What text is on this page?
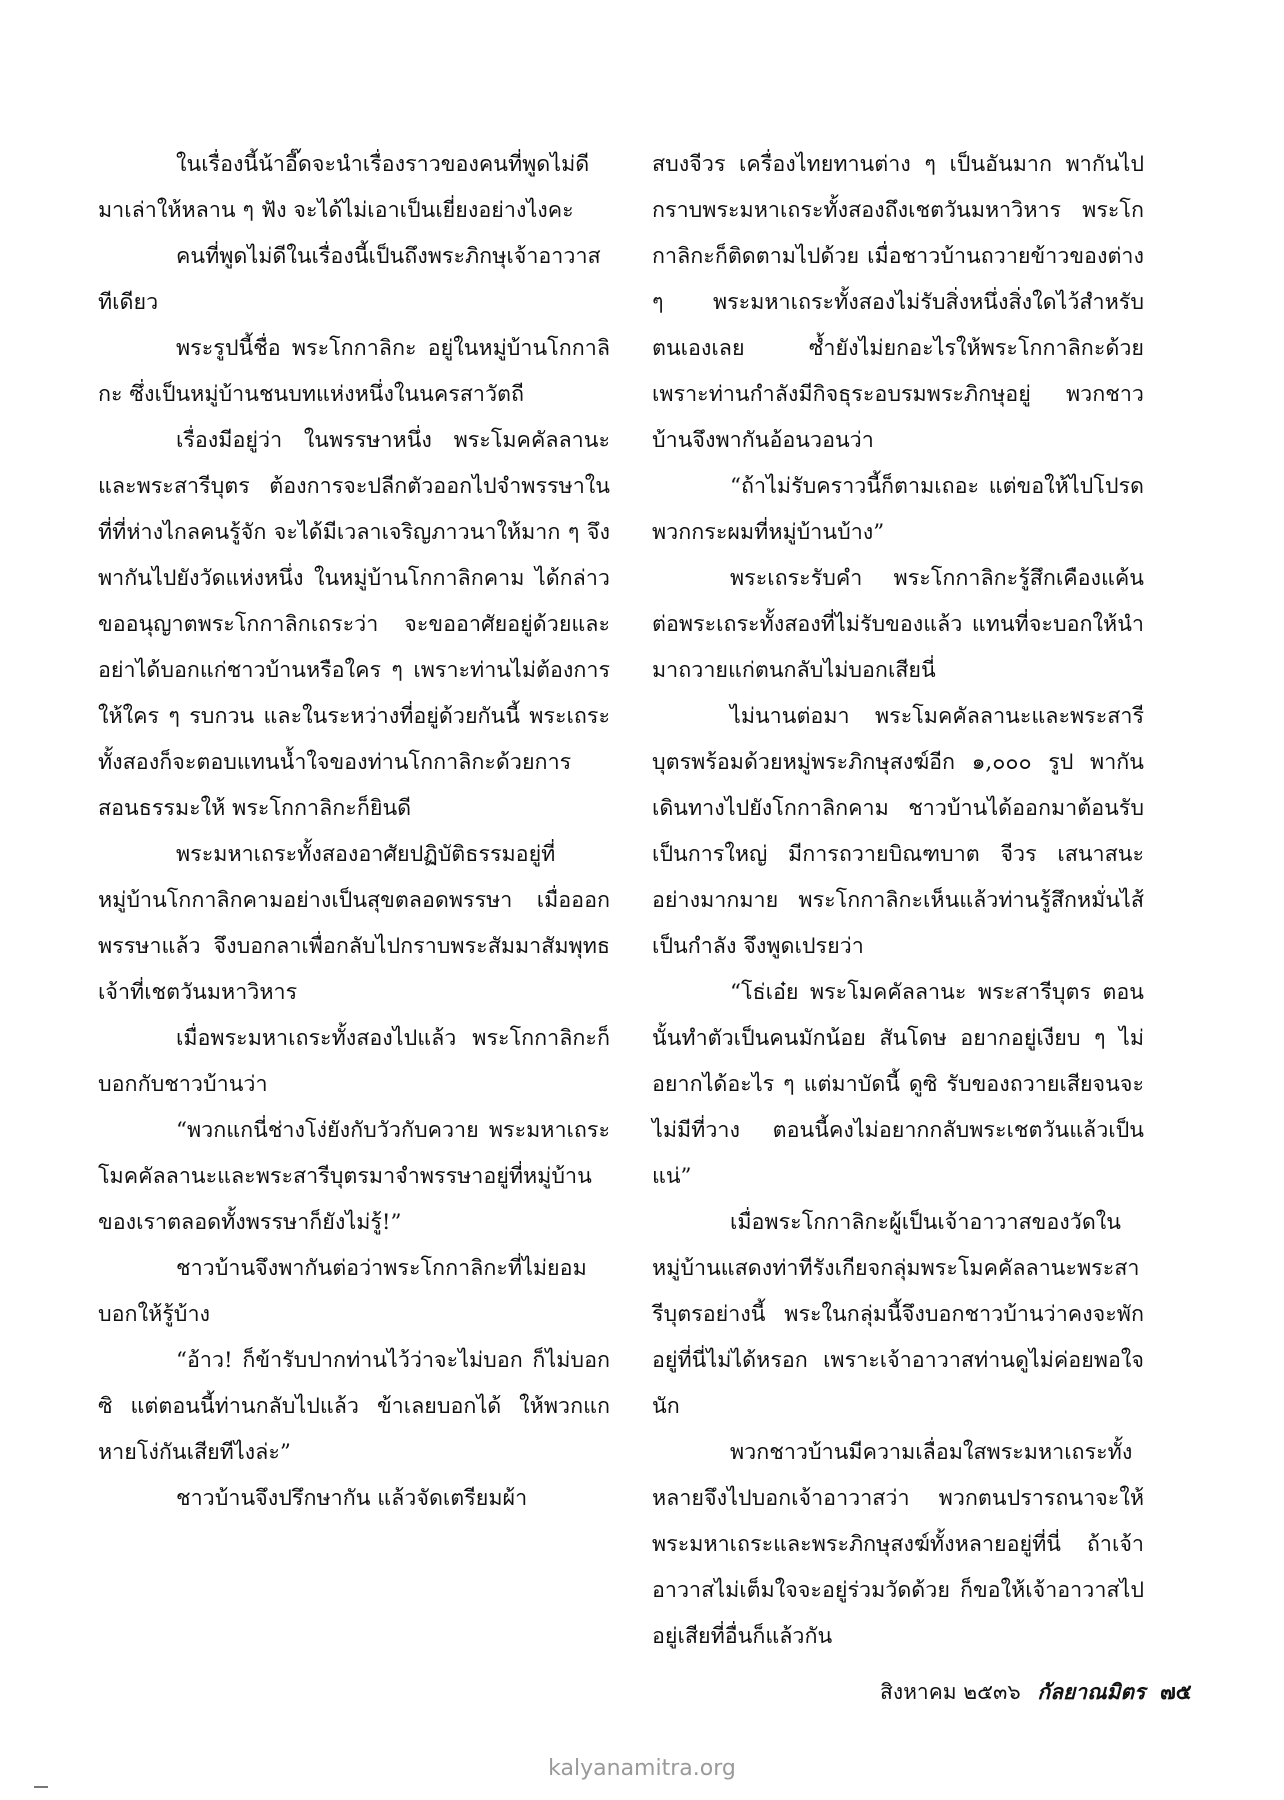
ในเรื่องนี้น้าอี๊ดจะนำเรื่องราวของคนที่พูดไม่ดีมาเล่าให้หลาน ๆ ฟัง จะได้ไม่เอาเป็นเยี่ยงอย่างไงคะ

คนที่พูดไม่ดีในเรื่องนี้เป็นถึงพระภิกษุเจ้าอาวาสทีเดียว

พระรูปนี้ชื่อ พระโกกาลิกะ อยู่ในหมู่บ้านโกกาลิกะ ซึ่งเป็นหมู่บ้านชนบทแห่งหนึ่งในนครสาวัตถี

เรื่องมีอยู่ว่า ในพรรษาหนึ่ง พระโมคคัลลานะและพระสารีบุตร ต้องการจะปลีกตัวออกไปจำพรรษาในที่ที่ห่างไกลคนรู้จัก จะได้มีเวลาเจริญภาวนาให้มาก ๆ จึงพากันไปยังวัดแห่งหนึ่ง ในหมู่บ้านโกกาลิกคาม ได้กล่าวขออนุญาตพระโกกาลิกเถระว่า จะขออาศัยอยู่ด้วยและอย่าได้บอกแก่ชาวบ้านหรือใคร ๆ เพราะท่านไม่ต้องการ ให้ใคร ๆ รบกวน และในระหว่างที่อยู่ด้วยกันนี้ พระเถระทั้งสองก็จะตอบแทนน้ำใจของท่านโกกาลิกะด้วยการสอนธรรมะให้ พระโกกาลิกะก็ยินดี

พระมหาเถระทั้งสองอาศัยปฏิบัติธรรมอยู่ที่หมู่บ้านโกกาลิกคามอย่างเป็นสุขตลอดพรรษา เมื่อออกพรรษาแล้ว จึงบอกลาเพื่อกลับไปกราบพระสัมมาสัมพุทธเจ้าที่เชตวันมหาวิหาร

เมื่อพระมหาเถระทั้งสองไปแล้ว พระโกกาลิกะก็บอกกับชาวบ้านว่า

“พวกแกนี่ช่างโง่ยังกับวัวกับควาย พระมหาเถระโมคคัลลานะและพระสารีบุตรมาจำพรรษาอยู่ที่หมู่บ้านของเราตลอดทั้งพรรษาก็ยังไม่รู้!”

ชาวบ้านจึงพากันต่อว่าพระโกกาลิกะที่ไม่ยอมบอกให้รู้บ้าง

“อ้าว! ก็ข้ารับปากท่านไว้ว่าจะไม่บอก ก็ไม่บอกซิ แต่ตอนนี้ท่านกลับไปแล้ว ข้าเลยบอกได้ ให้พวกแกหายโง่กันเสียทีไงล่ะ”

ชาวบ้านจึงปรึกษากัน แล้วจัดเตรียมผ้า

สบงจีวร เครื่องไทยทานต่าง ๆ เป็นอันมาก พากันไปกราบพระมหาเถระทั้งสองถึงเชตวันมหาวิหาร พระโกกาลิกะก็ติดตามไปด้วย เมื่อชาวบ้านถวายข้าวของต่าง ๆ พระมหาเถระทั้งสองไม่รับสิ่งหนึ่งสิ่งใดไว้สำหรับตนเองเลย ซ้ำยังไม่ยกอะไรให้พระโกกาลิกะด้วย เพราะท่านกำลังมีกิจธุระอบรมพระภิกษุอยู่ พวกชาวบ้านจึงพากันอ้อนวอนว่า

“ถ้าไม่รับคราวนี้ก็ตามเถอะ แต่ขอให้ไปโปรดพวกกระผมที่หมู่บ้านบ้าง”

พระเถระรับคำ พระโกกาลิกะรู้สึกเคืองแค้นต่อพระเถระทั้งสองที่ไม่รับของแล้ว แทนที่จะบอกให้นำมาถวายแก่ตนกลับไม่บอกเสียนี่

ไม่นานต่อมา พระโมคคัลลานะและพระสารีบุตรพร้อมด้วยหมู่พระภิกษุสงฆ์อีก ๑,๐๐๐ รูป พากันเดินทางไปยังโกกาลิกคาม ชาวบ้านได้ออกมาต้อนรับเป็นการใหญ่ มีการถวายบิณฑบาต จีวร เสนาสนะอย่างมากมาย พระโกกาลิกะเห็นแล้วท่านรู้สึกหมั่นไส้เป็นกำลัง จึงพูดเปรยว่า

“โธ่เอ๋ย พระโมคคัลลานะ พระสารีบุตร ตอนนั้นทำตัวเป็นคนมักน้อย สันโดษ อยากอยู่เงียบ ๆ ไม่อยากได้อะไร ๆ แต่มาบัดนี้ ดูซิ รับของถวายเสียจนจะไม่มีที่วาง ตอนนี้คงไม่อยากกลับพระเชตวันแล้วเป็นแน่”

เมื่อพระโกกาลิกะผู้เป็นเจ้าอาวาสของวัดในหมู่บ้านแสดงท่าทีรังเกียจกลุ่มพระโมคคัลลานะพระสารีบุตรอย่างนี้ พระในกลุ่มนี้จึงบอกชาวบ้านว่าคงจะพักอยู่ที่นี่ไม่ได้หรอก เพราะเจ้าอาวาสท่านดูไม่ค่อยพอใจนัก

พวกชาวบ้านมีความเลื่อมใสพระมหาเถระทั้งหลายจึงไปบอกเจ้าอาวาสว่า พวกตนปรารถนาจะให้พระมหาเถระและพระภิกษุสงฆ์ทั้งหลายอยู่ที่นี่ ถ้าเจ้าอาวาสไม่เต็มใจจะอยู่ร่วมวัดด้วย ก็ขอให้เจ้าอาวาสไปอยู่เสียที่อื่นก็แล้วกัน

สิงหาคม ๒๕๓๖ กัลยาณมิตร ๗๕
kalyanamitra.org
